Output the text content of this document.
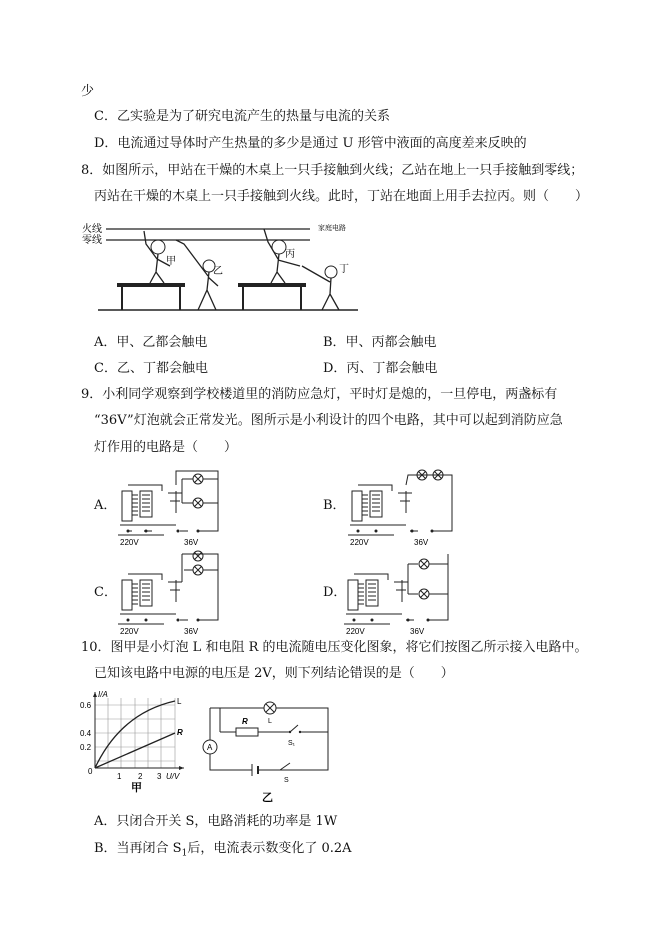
少
C．乙实验是为了研究电流产生的热量与电流的关系
D．电流通过导体时产生热量的多少是通过 U 形管中液面的高度差来反映的
8．如图所示，甲站在干燥的木桌上一只手接触到火线；乙站在地上一只手接触到零线；
丙站在干燥的木桌上一只手接触到火线。此时，丁站在地面上用手去拉丙。则（　　）
A．甲、乙都会触电	B．甲、丙都会触电
C．乙、丁都会触电	D．丙、丁都会触电
9．小利同学观察到学校楼道里的消防应急灯，平时灯是熄的，一旦停电，两盏标有
“36V”灯泡就会正常发光。图所示是小利设计的四个电路，其中可以起到消防应急
灯作用的电路是（　　）
10．图甲是小灯泡 L 和电阻 R 的电流随电压变化图象，将它们按图乙所示接入电路中。
已知该电路中电源的电压是 2V，则下列结论错误的是（　　）
A．只闭合开关 S，电路消耗的功率是 1W
B．当再闭合 $S_1$后，电流表示数变化了 0.2A
火线
零线
家庭电路
甲
乙
丙
丁
A．	B．
C．	D．
220V	36V	220V	36V
220V	36V	220V	36V
I/A
0.6
0.4
0.2
0
1 2 3 U/V
L
R
甲
A
L
R
S₁
S
乙
